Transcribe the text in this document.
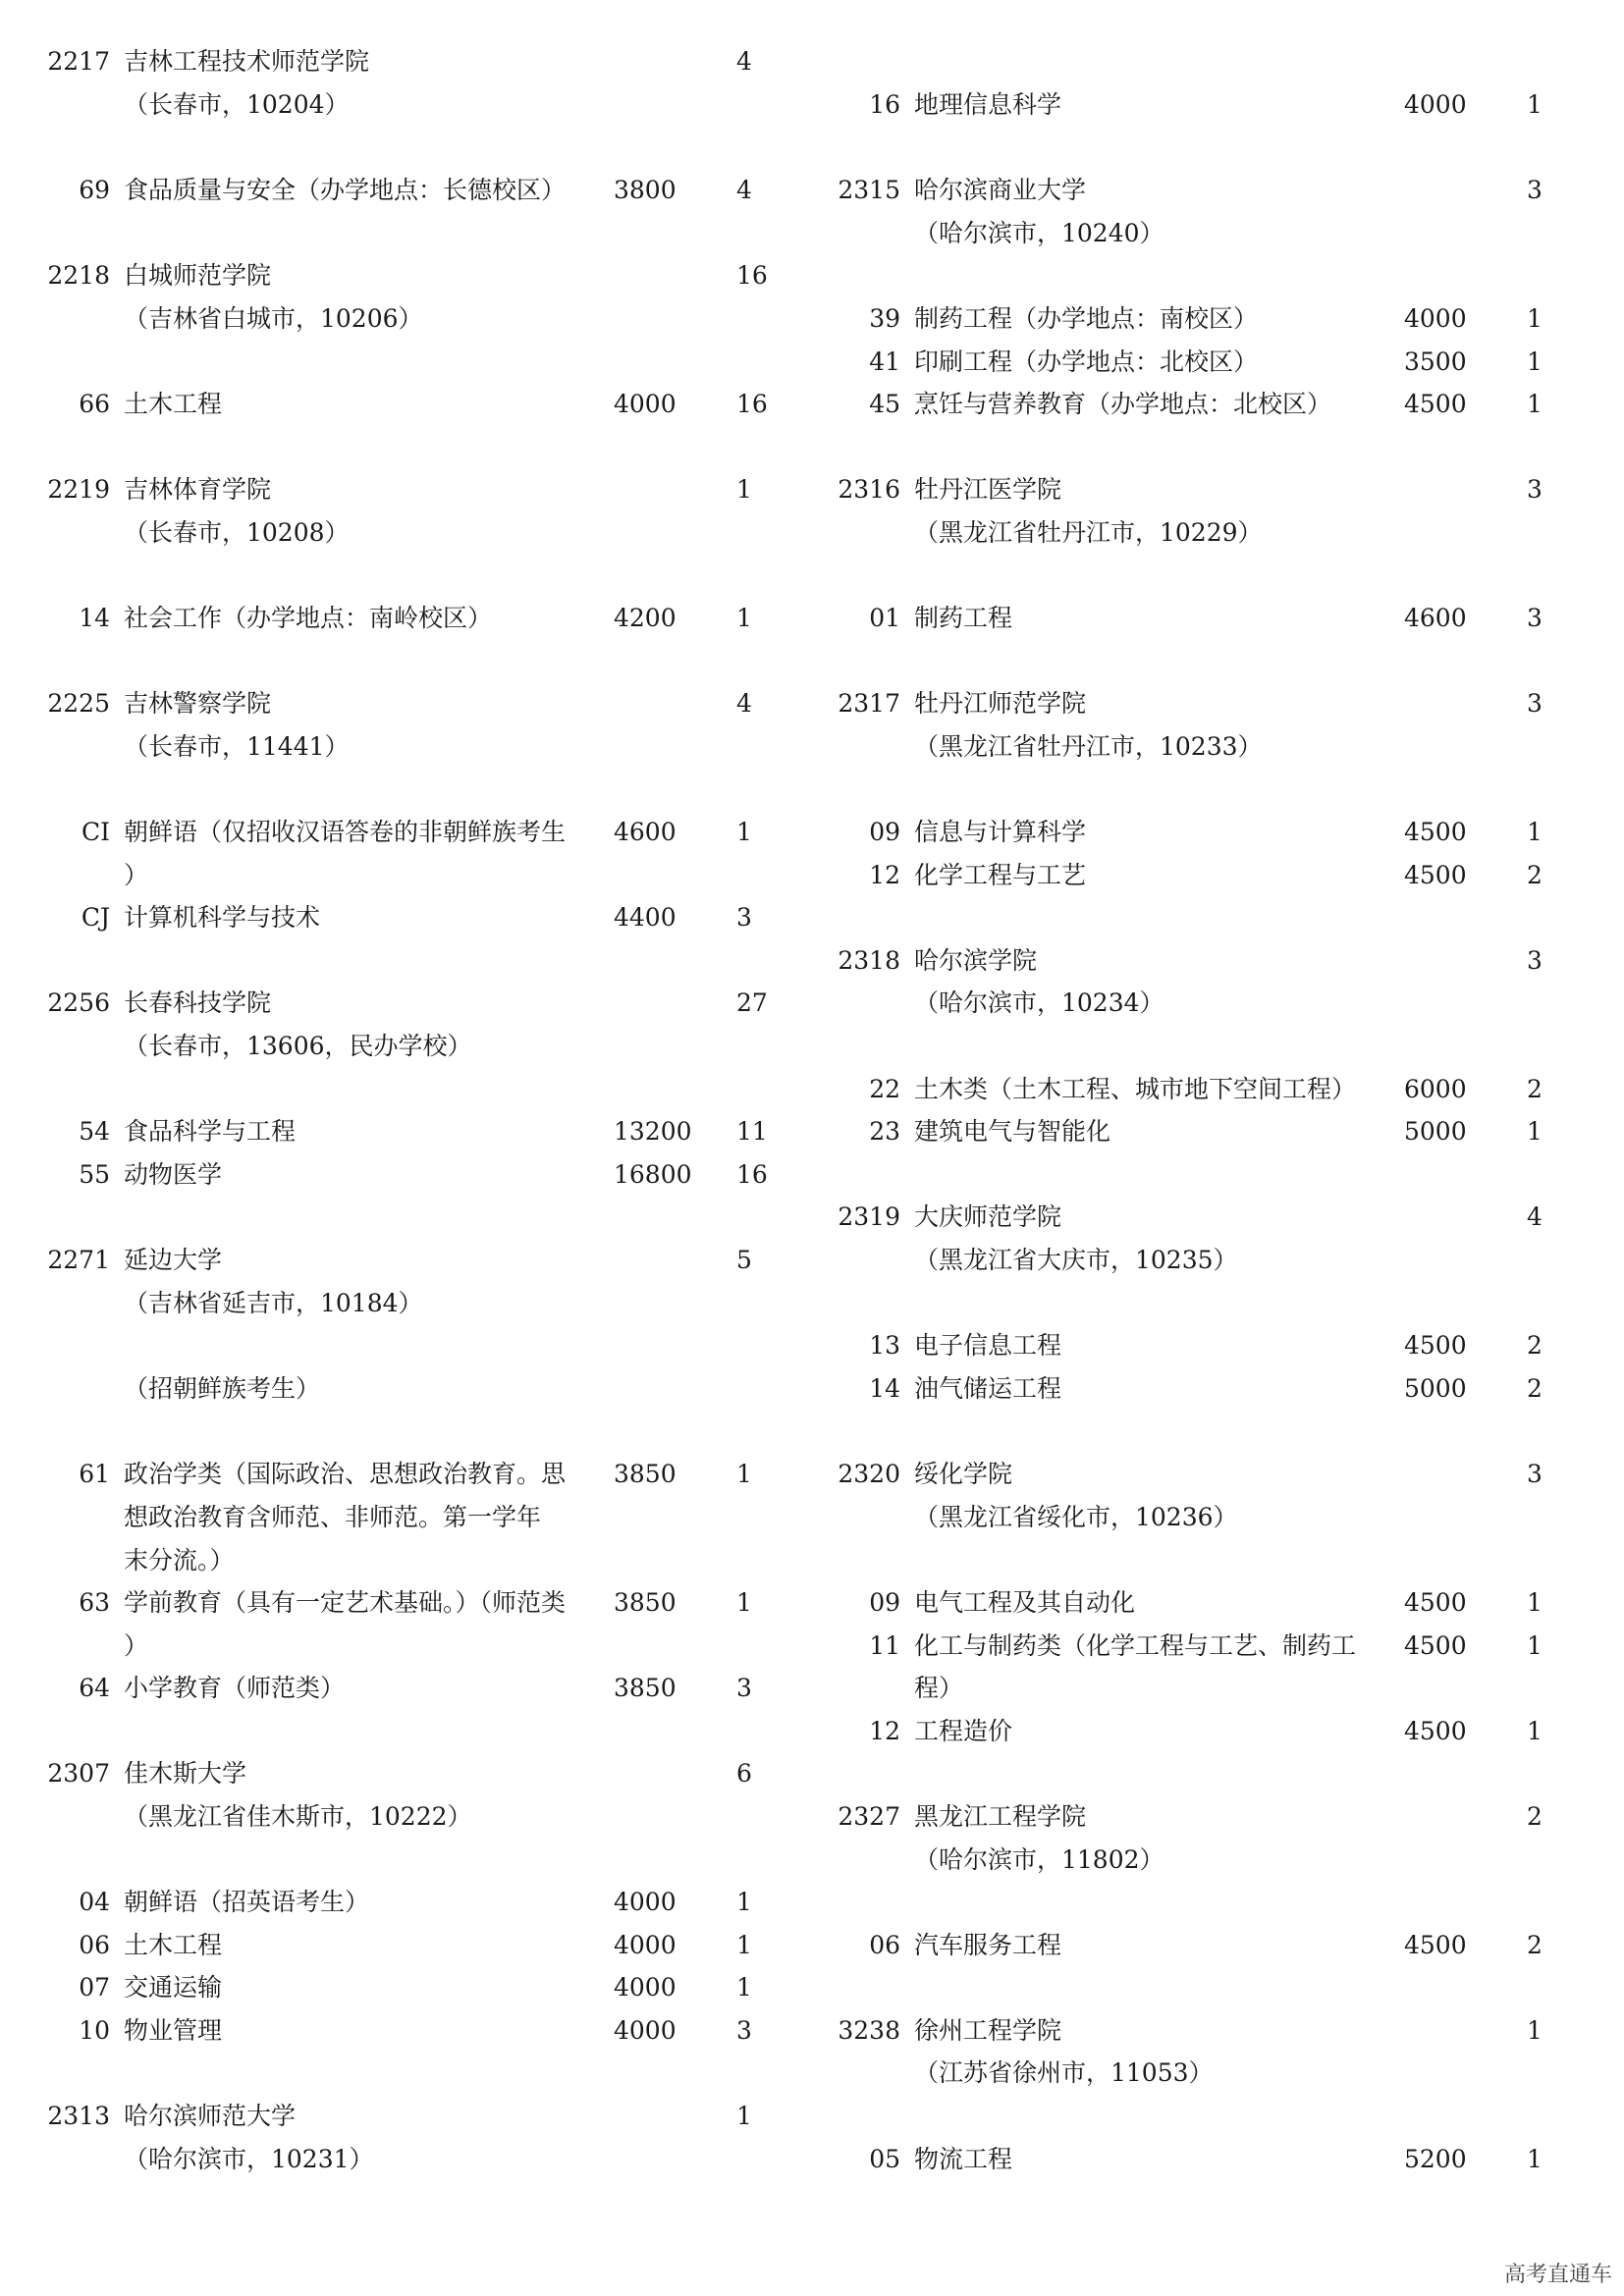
2217 吉林工程技术师范学院	4
（长春市，10204）
69 食品质量与安全（办学地点：长德校区） 3800	4
2218 白城师范学院	16
（吉林省白城市，10206）
66 土木工程	4000	16
2219 吉林体育学院	1
（长春市，10208）
14 社会工作（办学地点：南岭校区）	4200	1
2225 吉林警察学院	4
（长春市，11441）
CI 朝鲜语（仅招收汉语答卷的非朝鲜族考生 4600	1
）
CJ 计算机科学与技术	4400	3
2256 长春科技学院	27
（长春市，13606，民办学校）
54 食品科学与工程	13200	11
55 动物医学	16800	16
2271 延边大学	5
（吉林省延吉市，10184）
（招朝鲜族考生）
61 政治学类（国际政治、思想政治教育。思 3850	1
想政治教育含师范、非师范。第一学年
末分流。）
63 学前教育（具有一定艺术基础。）（师范类 3850	1
）
64 小学教育（师范类）	3850	3
2307 佳木斯大学	6
（黑龙江省佳木斯市，10222）
04 朝鲜语（招英语考生）	4000	1
06 土木工程	4000	1
07 交通运输	4000	1
10 物业管理	4000	3
2313 哈尔滨师范大学	1
（哈尔滨市，10231）
16 地理信息科学	4000	1
2315 哈尔滨商业大学	3
（哈尔滨市，10240）
39 制药工程（办学地点：南校区）	4000	1
41 印刷工程（办学地点：北校区）	3500	1
45 烹饪与营养教育（办学地点：北校区）	4500	1
2316 牡丹江医学院	3
（黑龙江省牡丹江市，10229）
01 制药工程	4600	3
2317 牡丹江师范学院	3
（黑龙江省牡丹江市，10233）
09 信息与计算科学	4500	1
12 化学工程与工艺	4500	2
2318 哈尔滨学院	3
（哈尔滨市，10234）
22 土木类（土木工程、城市地下空间工程） 6000	2
23 建筑电气与智能化	5000	1
2319 大庆师范学院	4
（黑龙江省大庆市，10235）
13 电子信息工程	4500	2
14 油气储运工程	5000	2
2320 绥化学院	3
（黑龙江省绥化市，10236）
09 电气工程及其自动化	4500	1
11 化工与制药类（化学工程与工艺、制药工 4500	1
程）
12 工程造价	4500	1
2327 黑龙江工程学院	2
（哈尔滨市，11802）
06 汽车服务工程	4500	2
3238 徐州工程学院	1
（江苏省徐州市，11053）
05 物流工程	5200	1
高考直通车
